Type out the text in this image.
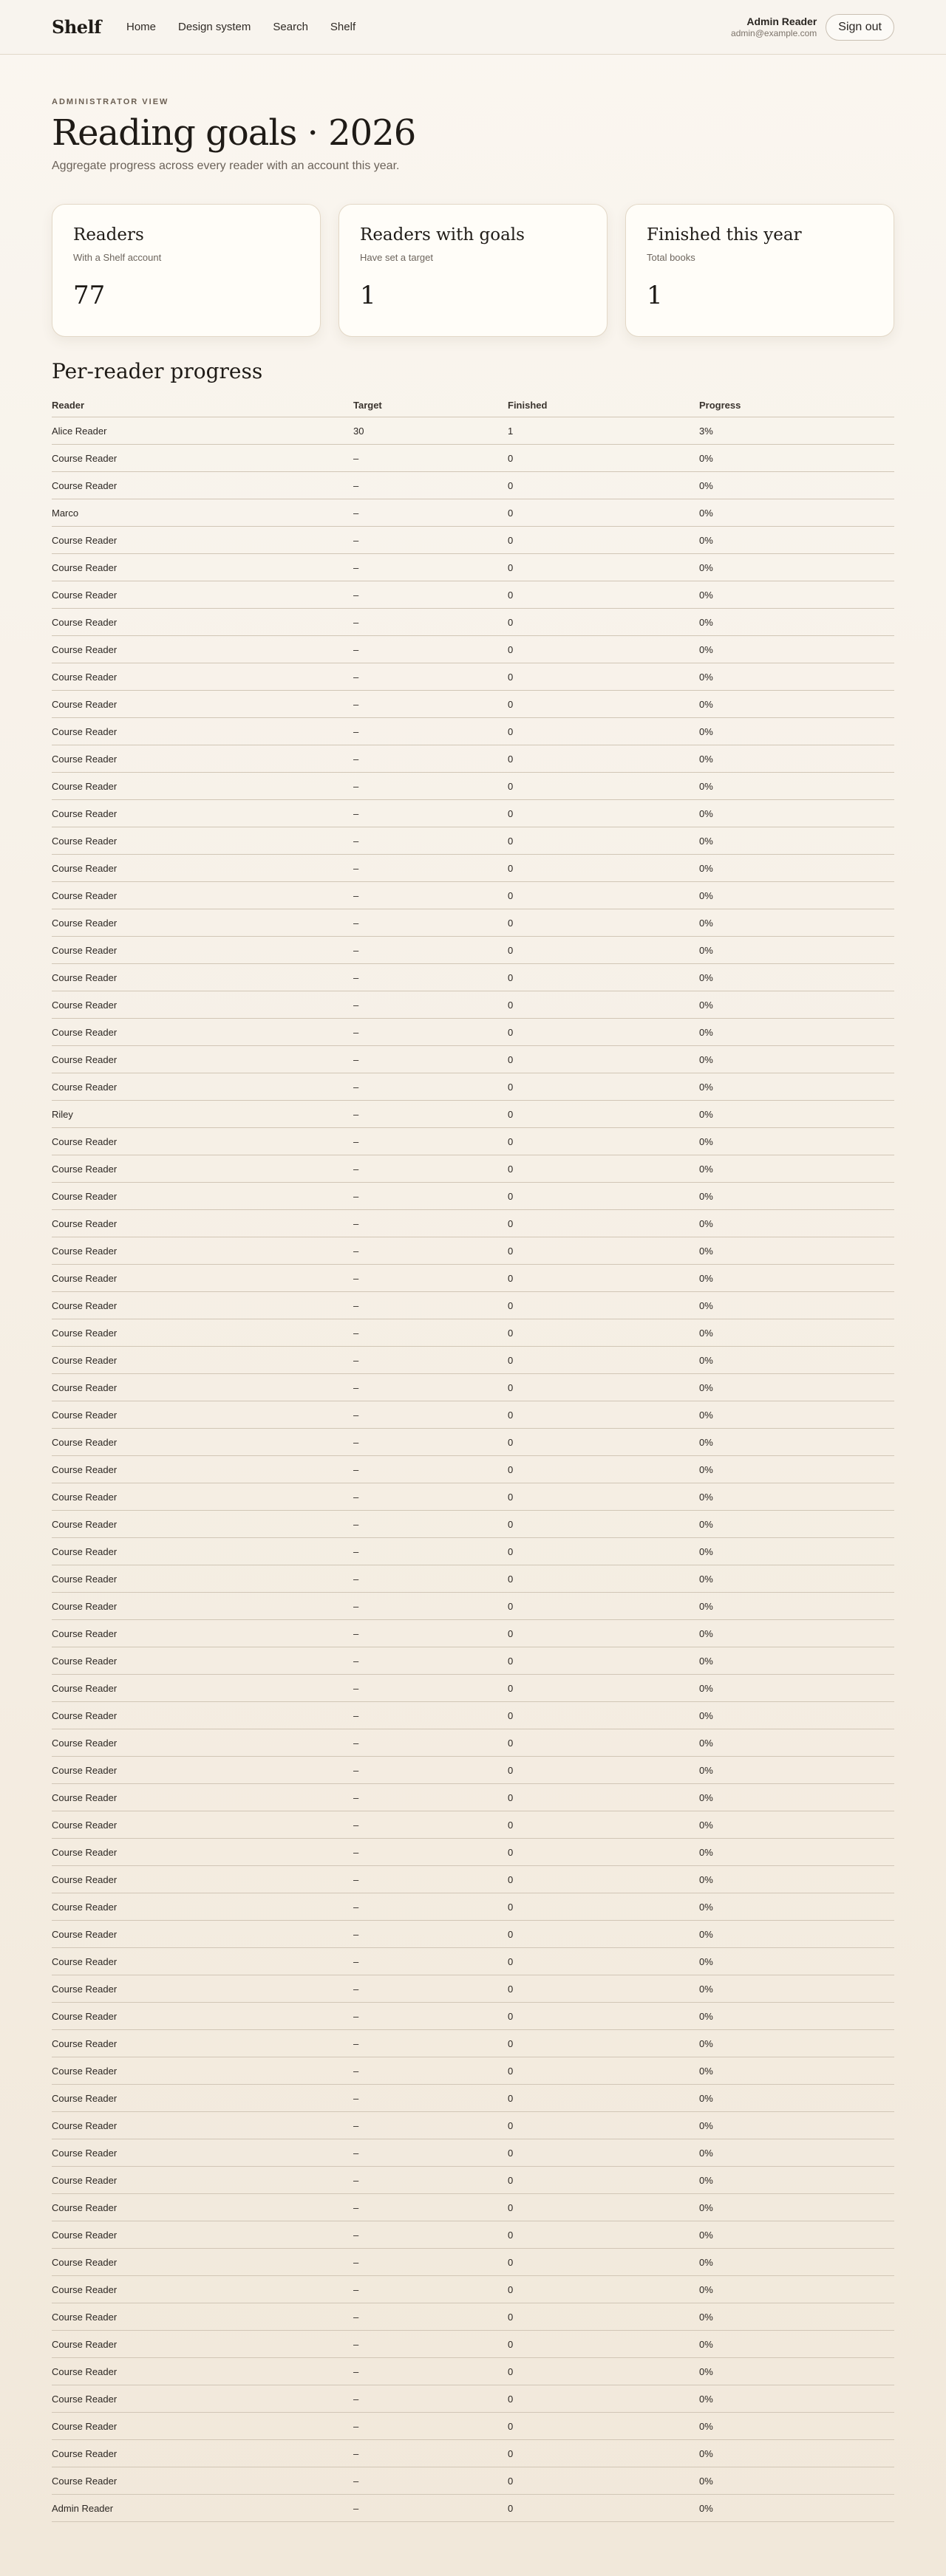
Shelf Home Design system Search Shelf	Admin Reader
admin@example.com
Sign out
ADMINISTRATOR VIEW
Reading goals · 2026

Aggregate progress across every reader with an account this year.

Readers
With a Shelf account
77
Readers with goals
Have set a target
1
Finished this year
Total books
1
Per-reader progress
Reader	Target	Finished	Progress
Alice Reader	30	1	3%
Course Reader	–	0	0%
Course Reader	–	0	0%
Marco	–	0	0%
Course Reader	–	0	0%
Course Reader	–	0	0%
Course Reader	–	0	0%
Course Reader	–	0	0%
Course Reader	–	0	0%
Course Reader	–	0	0%
Course Reader	–	0	0%
Course Reader	–	0	0%
Course Reader	–	0	0%
Course Reader	–	0	0%
Course Reader	–	0	0%
Course Reader	–	0	0%
Course Reader	–	0	0%
Course Reader	–	0	0%
Course Reader	–	0	0%
Course Reader	–	0	0%
Course Reader	–	0	0%
Course Reader	–	0	0%
Course Reader	–	0	0%
Course Reader	–	0	0%
Course Reader	–	0	0%
Riley	–	0	0%
Course Reader	–	0	0%
Course Reader	–	0	0%
Course Reader	–	0	0%
Course Reader	–	0	0%
Course Reader	–	0	0%
Course Reader	–	0	0%
Course Reader	–	0	0%
Course Reader	–	0	0%
Course Reader	–	0	0%
Course Reader	–	0	0%
Course Reader	–	0	0%
Course Reader	–	0	0%
Course Reader	–	0	0%
Course Reader	–	0	0%
Course Reader	–	0	0%
Course Reader	–	0	0%
Course Reader	–	0	0%
Course Reader	–	0	0%
Course Reader	–	0	0%
Course Reader	–	0	0%
Course Reader	–	0	0%
Course Reader	–	0	0%
Course Reader	–	0	0%
Course Reader	–	0	0%
Course Reader	–	0	0%
Course Reader	–	0	0%
Course Reader	–	0	0%
Course Reader	–	0	0%
Course Reader	–	0	0%
Course Reader	–	0	0%
Course Reader	–	0	0%
Course Reader	–	0	0%
Course Reader	–	0	0%
Course Reader	–	0	0%
Course Reader	–	0	0%
Course Reader	–	0	0%
Course Reader	–	0	0%
Course Reader	–	0	0%
Course Reader	–	0	0%
Course Reader	–	0	0%
Course Reader	–	0	0%
Course Reader	–	0	0%
Course Reader	–	0	0%
Course Reader	–	0	0%
Course Reader	–	0	0%
Course Reader	–	0	0%
Course Reader	–	0	0%
Course Reader	–	0	0%
Course Reader	–	0	0%
Course Reader	–	0	0%
Admin Reader	–	0	0%
